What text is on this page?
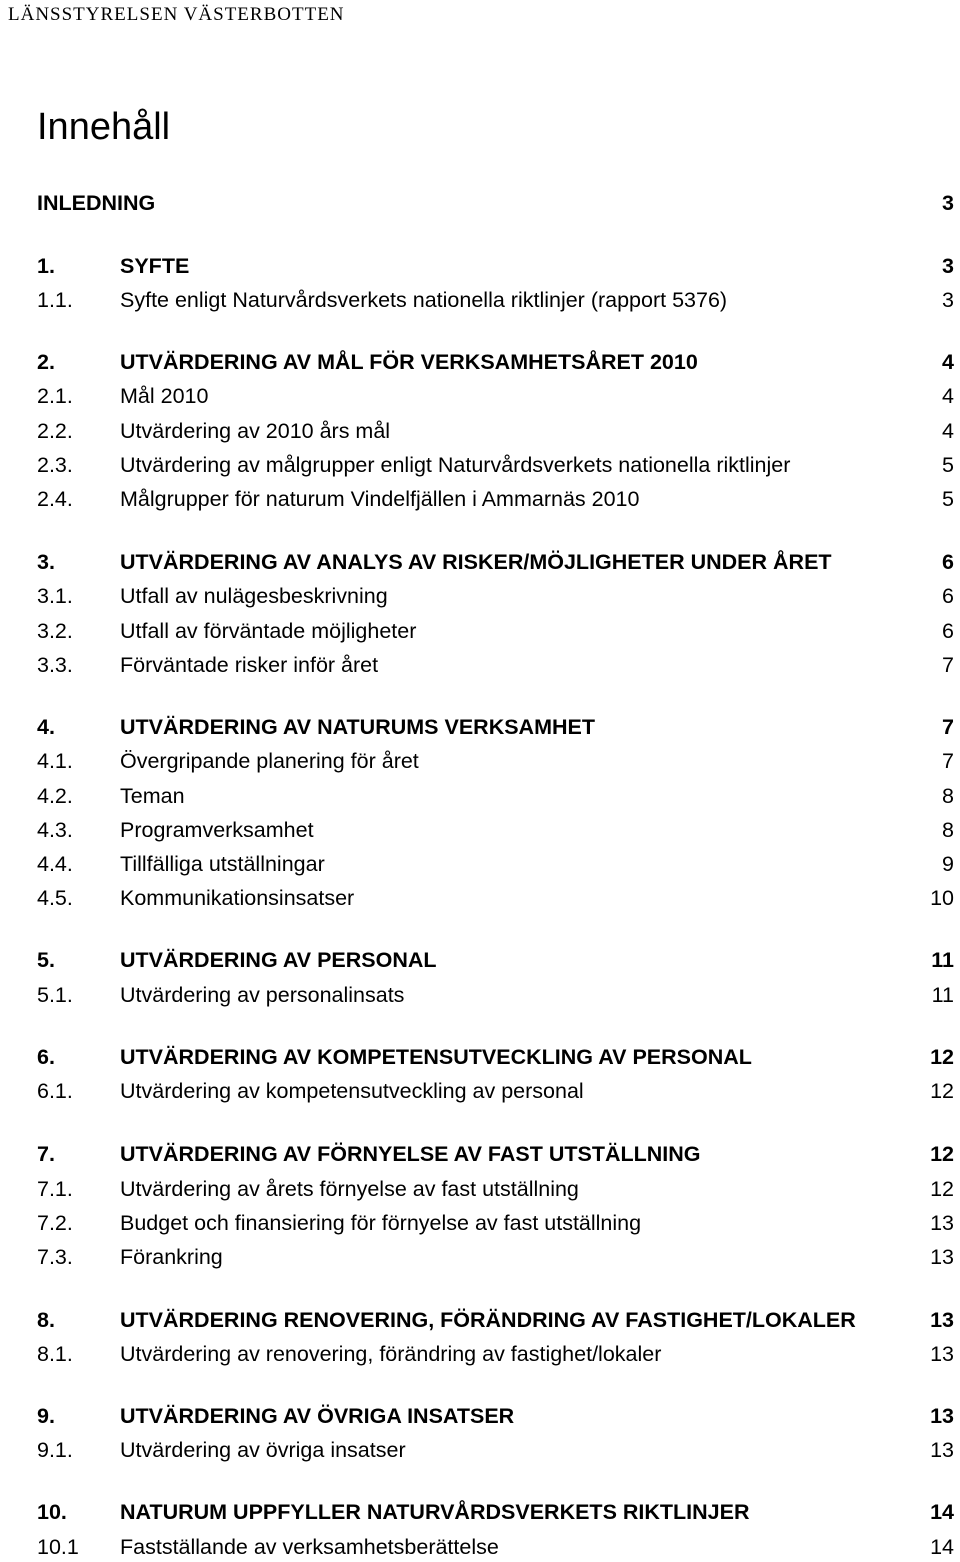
LÄNSSTYRELSEN VÄSTERBOTTEN
Innehåll
INLEDNING	3
1.	SYFTE	3
1.1. Syfte enligt Naturvårdsverkets nationella riktlinjer (rapport 5376)	3
2.	UTVÄRDERING AV MÅL FÖR VERKSAMHETSÅRET 2010	4
2.1. Mål 2010	4
2.2. Utvärdering av 2010 års mål	4
2.3. Utvärdering av målgrupper enligt Naturvårdsverkets nationella riktlinjer	5
2.4. Målgrupper för naturum Vindelfjällen i Ammarnäs 2010	5
3.	UTVÄRDERING AV ANALYS AV RISKER/MÖJLIGHETER UNDER ÅRET	6
3.1. Utfall av nulägesbeskrivning	6
3.2. Utfall av förväntade möjligheter	6
3.3. Förväntade risker inför året	7
4.	UTVÄRDERING AV NATURUMS VERKSAMHET	7
4.1. Övergripande planering för året	7
4.2. Teman	8
4.3. Programverksamhet	8
4.4. Tillfälliga utställningar	9
4.5. Kommunikationsinsatser	10
5.	UTVÄRDERING AV PERSONAL	11
5.1. Utvärdering av personalinsats	11
6.	UTVÄRDERING AV KOMPETENSUTVECKLING AV PERSONAL	12
6.1. Utvärdering av kompetensutveckling av personal	12
7.	UTVÄRDERING AV FÖRNYELSE AV FAST UTSTÄLLNING	12
7.1. Utvärdering av årets förnyelse av fast utställning	12
7.2. Budget och finansiering för förnyelse av fast utställning	13
7.3. Förankring	13
8.	UTVÄRDERING RENOVERING, FÖRÄNDRING AV FASTIGHET/LOKALER	13
8.1. Utvärdering av renovering, förändring av fastighet/lokaler	13
9.	UTVÄRDERING AV ÖVRIGA INSATSER	13
9.1. Utvärdering av övriga insatser	13
10. NATURUM UPPFYLLER NATURVÅRDSVERKETS RIKTLINJER	14
10.1 Fastställande av verksamhetsberättelse	14
